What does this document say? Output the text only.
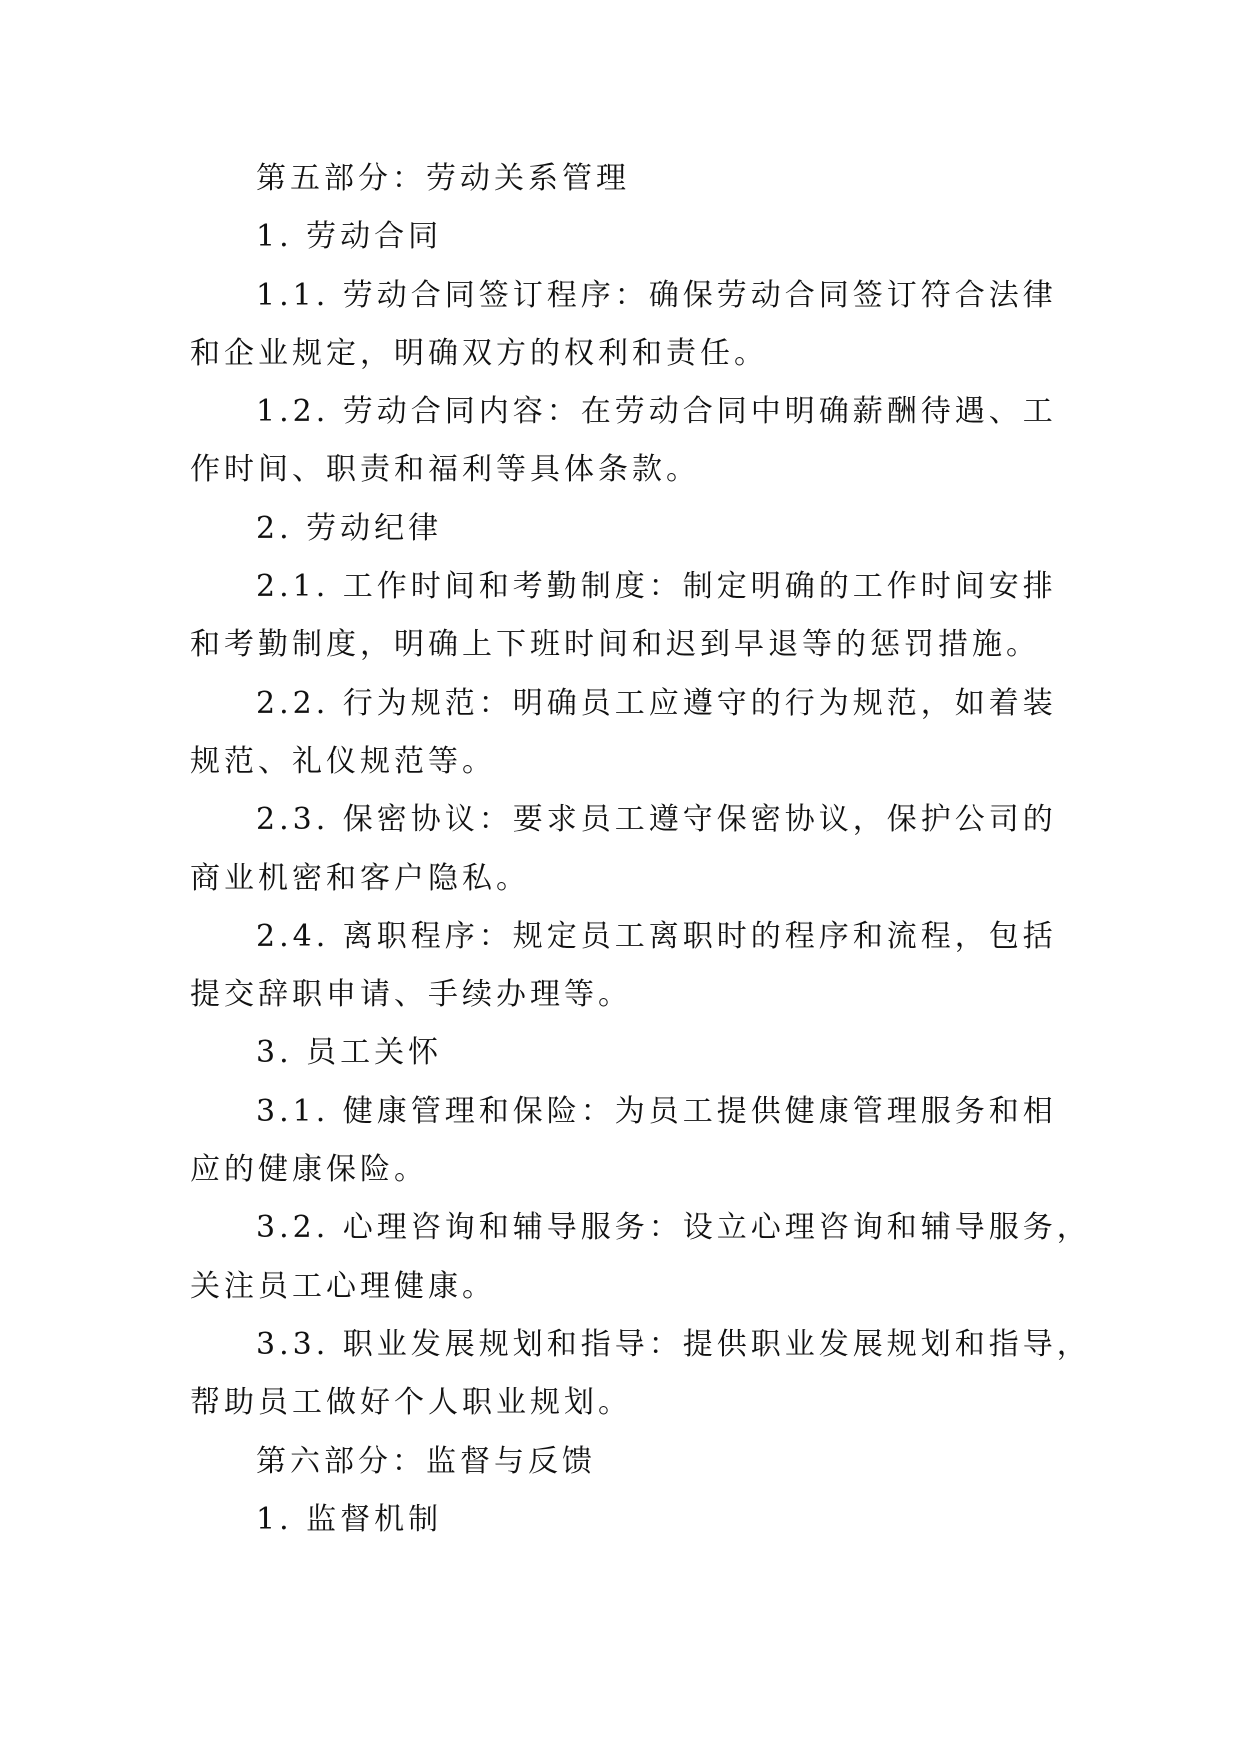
第五部分：劳动关系管理
1. 劳动合同
1.1. 劳动合同签订程序：确保劳动合同签订符合法律
和企业规定，明确双方的权利和责任。
1.2. 劳动合同内容：在劳动合同中明确薪酬待遇、工
作时间、职责和福利等具体条款。
2. 劳动纪律
2.1. 工作时间和考勤制度：制定明确的工作时间安排
和考勤制度，明确上下班时间和迟到早退等的惩罚措施。
2.2. 行为规范：明确员工应遵守的行为规范，如着装
规范、礼仪规范等。
2.3. 保密协议：要求员工遵守保密协议，保护公司的
商业机密和客户隐私。
2.4. 离职程序：规定员工离职时的程序和流程，包括
提交辞职申请、手续办理等。
3. 员工关怀
3.1. 健康管理和保险：为员工提供健康管理服务和相
应的健康保险。
3.2. 心理咨询和辅导服务：设立心理咨询和辅导服务，
关注员工心理健康。
3.3. 职业发展规划和指导：提供职业发展规划和指导，
帮助员工做好个人职业规划。
第六部分：监督与反馈
1. 监督机制
